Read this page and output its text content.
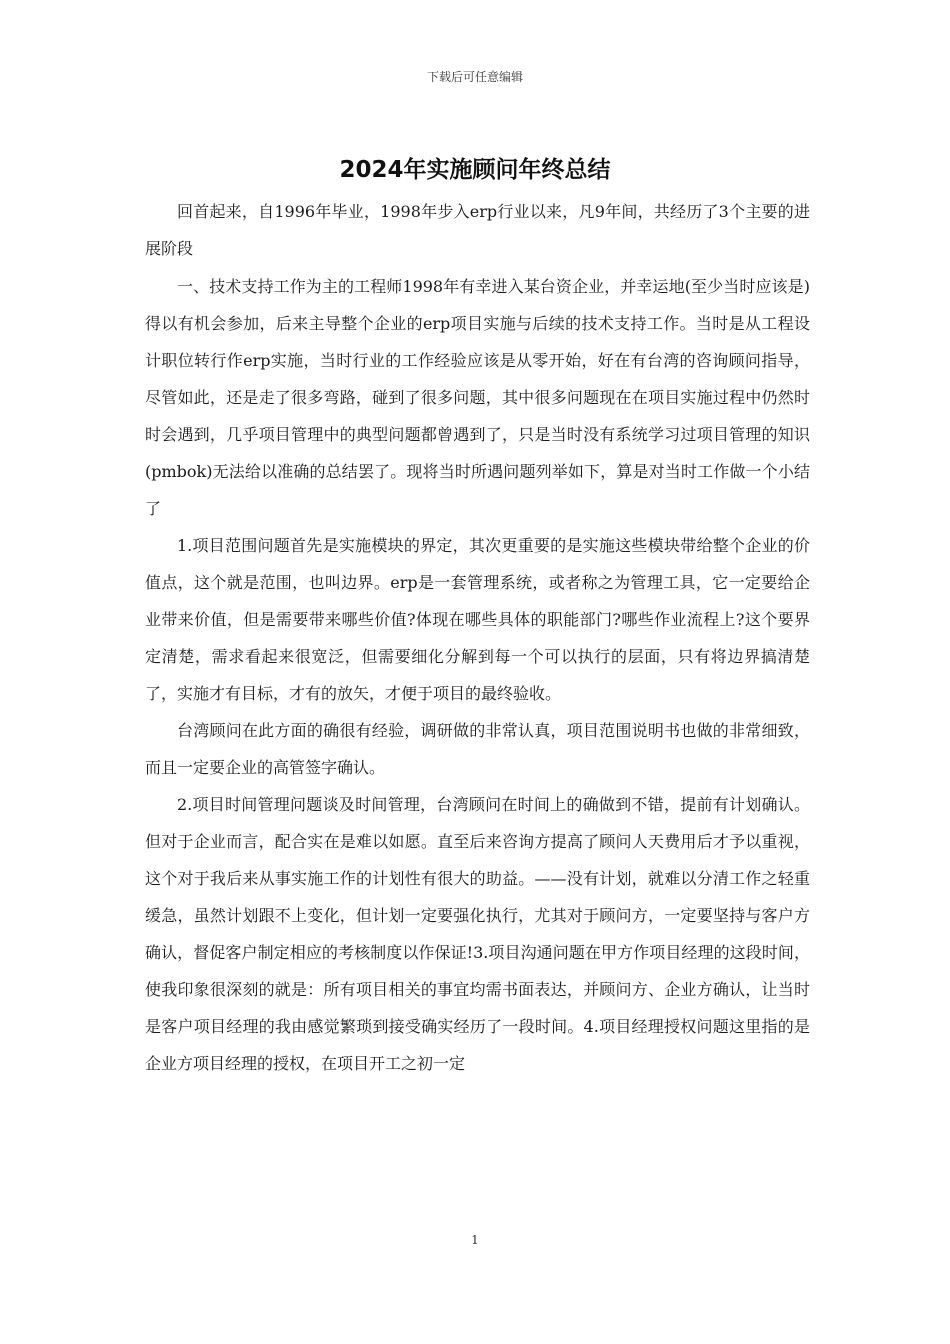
下载后可任意编辑
2024年实施顾问年终总结

回首起来，自1996年毕业，1998年步入erp行业以来，凡9年间，共经历了3个主要的进展阶段

一、技术支持工作为主的工程师1998年有幸进入某台资企业，并幸运地(至少当时应该是)得以有机会参加，后来主导整个企业的erp项目实施与后续的技术支持工作。当时是从工程设计职位转行作erp实施，当时行业的工作经验应该是从零开始，好在有台湾的咨询顾问指导，尽管如此，还是走了很多弯路，碰到了很多问题，其中很多问题现在在项目实施过程中仍然时时会遇到，几乎项目管理中的典型问题都曾遇到了，只是当时没有系统学习过项目管理的知识(pmbok)无法给以准确的总结罢了。现将当时所遇问题列举如下，算是对当时工作做一个小结了

1.项目范围问题首先是实施模块的界定，其次更重要的是实施这些模块带给整个企业的价值点，这个就是范围，也叫边界。erp是一套管理系统，或者称之为管理工具，它一定要给企业带来价值，但是需要带来哪些价值?体现在哪些具体的职能部门?哪些作业流程上?这个要界定清楚，需求看起来很宽泛，但需要细化分解到每一个可以执行的层面，只有将边界搞清楚了，实施才有目标，才有的放矢，才便于项目的最终验收。

台湾顾问在此方面的确很有经验，调研做的非常认真，项目范围说明书也做的非常细致，而且一定要企业的高管签字确认。

2.项目时间管理问题谈及时间管理，台湾顾问在时间上的确做到不错，提前有计划确认。但对于企业而言，配合实在是难以如愿。直至后来咨询方提高了顾问人天费用后才予以重视，这个对于我后来从事实施工作的计划性有很大的助益。——没有计划，就难以分清工作之轻重缓急，虽然计划跟不上变化，但计划一定要强化执行，尤其对于顾问方，一定要坚持与客户方确认，督促客户制定相应的考核制度以作保证!3.项目沟通问题在甲方作项目经理的这段时间，使我印象很深刻的就是：所有项目相关的事宜均需书面表达，并顾问方、企业方确认，让当时是客户项目经理的我由感觉繁琐到接受确实经历了一段时间。4.项目经理授权问题这里指的是企业方项目经理的授权，在项目开工之初一定

1
